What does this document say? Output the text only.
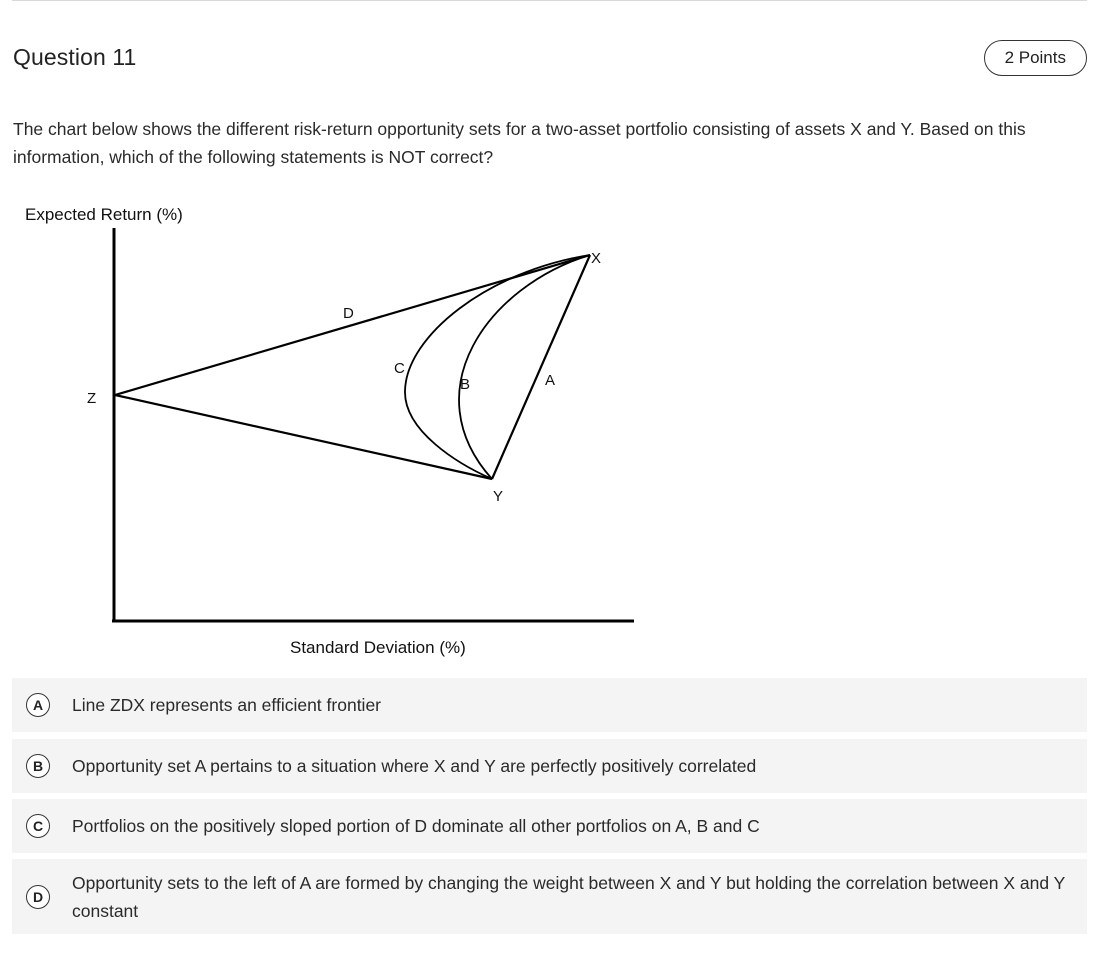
Question 11	2 Points
The chart below shows the different risk-return opportunity sets for a two-asset portfolio consisting of assets X and Y. Based on this information, which of the following statements is NOT correct?
Expected Return (%)
Standard Deviation (%)
X
Z
Y
A
B
C
D
A	Line ZDX represents an efficient frontier
B	Opportunity set A pertains to a situation where X and Y are perfectly positively correlated
C	Portfolios on the positively sloped portion of D dominate all other portfolios on A, B and C
D
Opportunity sets to the left of A are formed by changing the weight between X and Y but holding the correlation between X and Y constant
